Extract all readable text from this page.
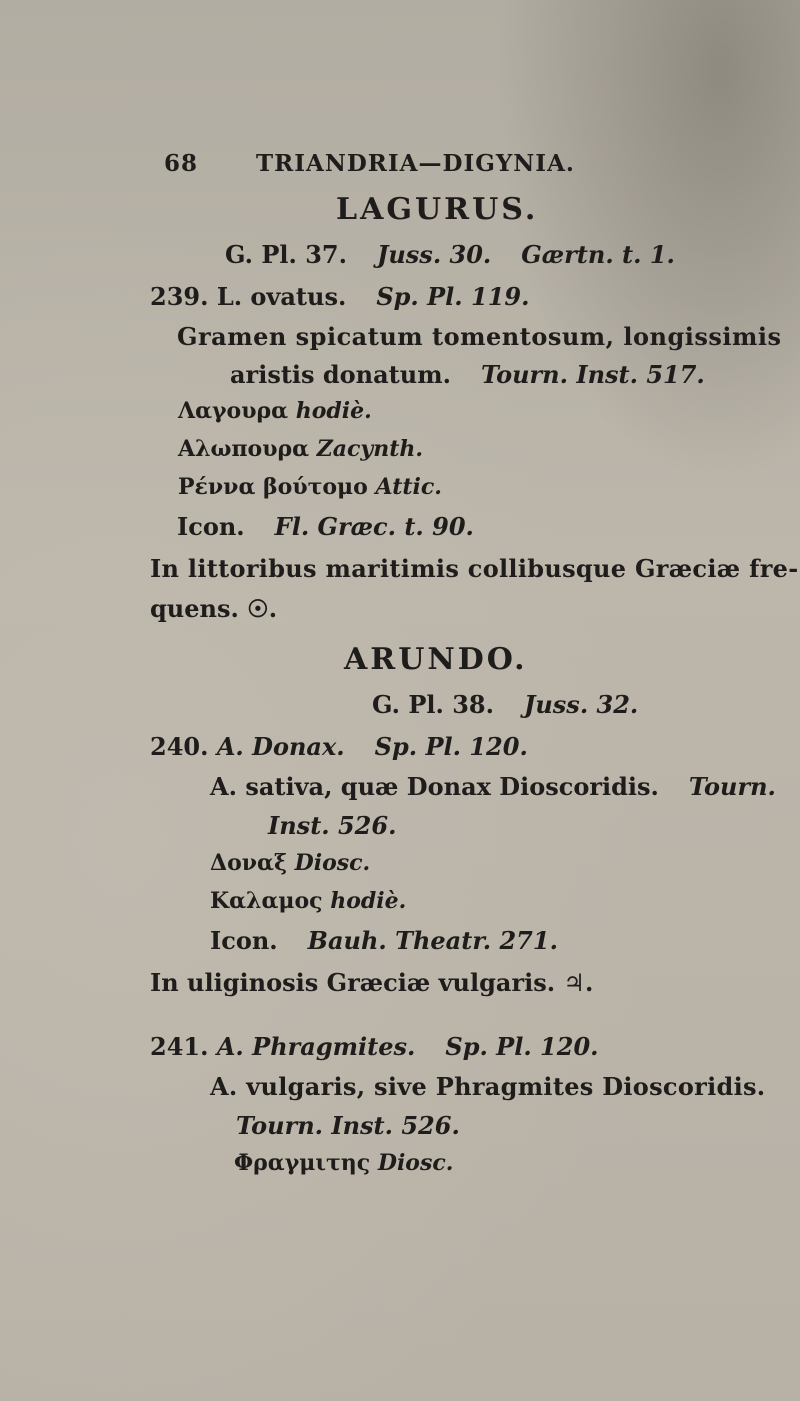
68	TRIANDRIA—DIGYNIA.
LAGURUS.
G. Pl. 37. Juss. 30. Gærtn. t. 1.
239. L. ovatus. Sp. Pl. 119.
Gramen spicatum tomentosum, longissimis
aristis donatum. Tourn. Inst. 517.
Λαγουρα hodiè.
Αλωπουρα Zacynth.
Ρέννα βούτομο Attic.
Icon. Fl. Græc. t. 90.
In littoribus maritimis collibusque Græciæ fre-
quens. ☉.
ARUNDO.
G. Pl. 38. Juss. 32.
240. A. Donax. Sp. Pl. 120.
A. sativa, quæ Donax Dioscoridis. Tourn.
Inst. 526.
Δοναξ Diosc.
Καλαμος hodiè.
Icon. Bauh. Theatr. 271.
In uliginosis Græciæ vulgaris. ♃.
241. A. Phragmites. Sp. Pl. 120.
A. vulgaris, sive Phragmites Dioscoridis.
Tourn. Inst. 526.
Φραγμιτης Diosc.
